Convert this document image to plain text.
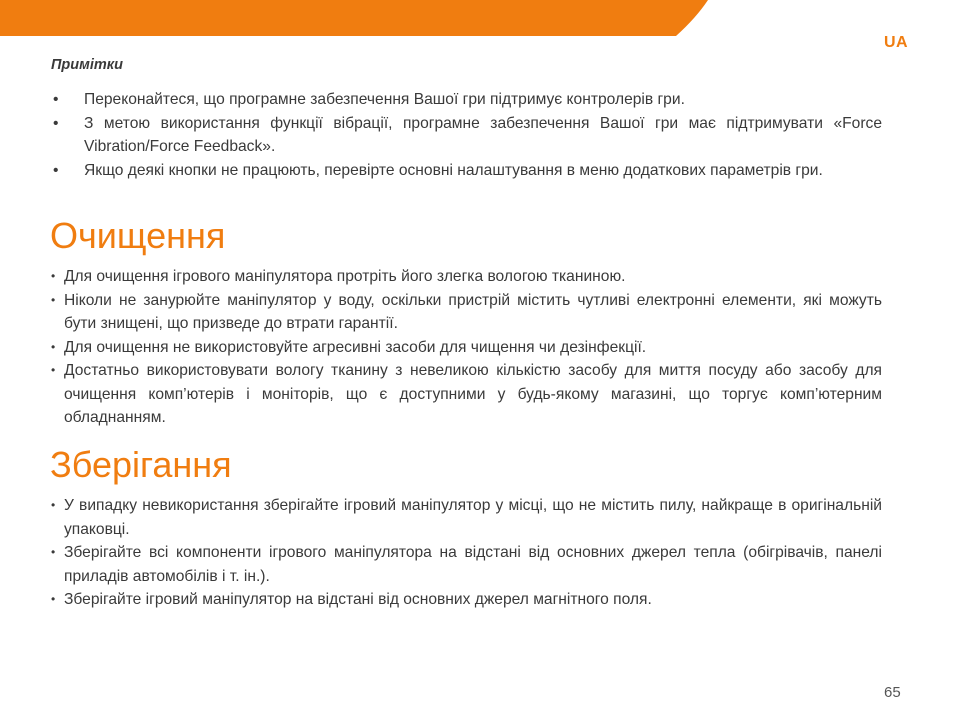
UA
Примітки
• Переконайтеся, що програмне забезпечення Вашої гри підтримує контролерів гри.
• З метою використання функції вібрації, програмне забезпечення Вашої гри має підтримувати «Force Vibration/Force Feedback».
• Якщо деякі кнопки не працюють, перевірте основні налаштування в меню додаткових параметрів гри.
Очищення
• Для очищення ігрового маніпулятора протріть його злегка вологою тканиною.
• Ніколи не занурюйте маніпулятор у воду, оскільки пристрій містить чутливі електронні елементи, які можуть бути знищені, що призведе до втрати гарантії.
• Для очищення не використовуйте агресивні засоби для чищення чи дезінфекції.
• Достатньо використовувати вологу тканину з невеликою кількістю засобу для миття посуду або засобу для очищення комп’ютерів і моніторів, що є доступними у будь-якому магазині, що торгує комп’ютерним обладнанням.
Зберігання
• У випадку невикористання зберігайте ігровий маніпулятор у місці, що не містить пилу, найкраще в оригінальній упаковці.
• Зберігайте всі компоненти ігрового маніпулятора на відстані від основних джерел тепла (обігрівачів, панелі приладів автомобілів і т. ін.).
• Зберігайте ігровий маніпулятор на відстані від основних джерел магнітного поля.
65
